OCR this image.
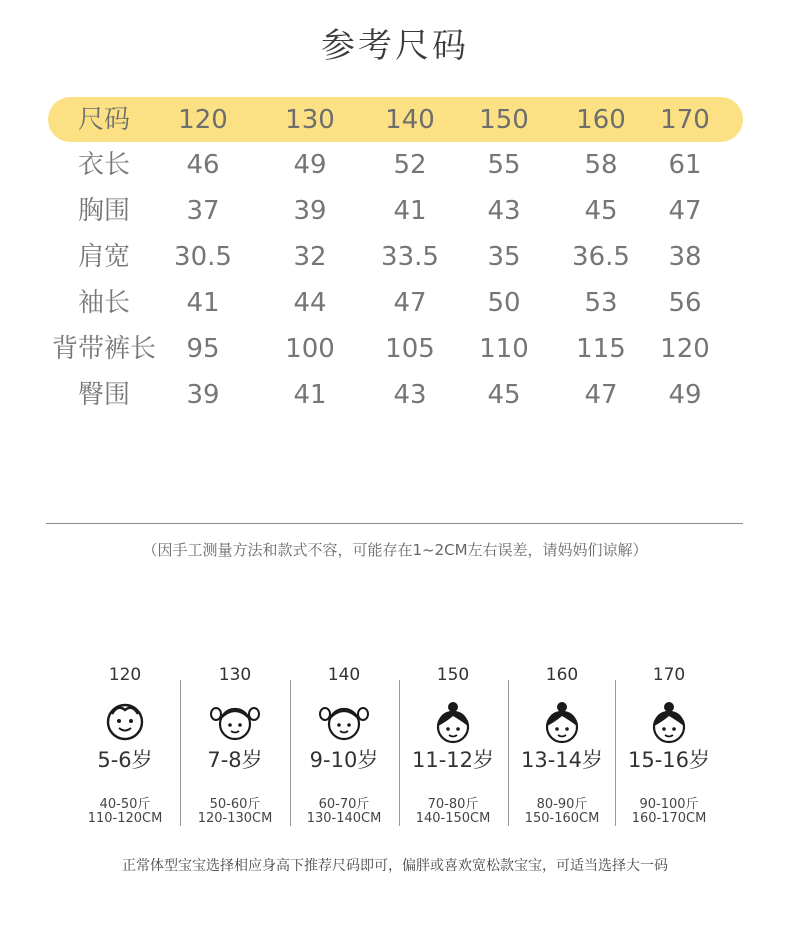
参考尺码
尺码	120	130	140	150	160	170
衣长	46	49	52	55	58	61
胸围	37	39	41	43	45	47
肩宽	30.5	32	33.5	35	36.5	38
袖长	41	44	47	50	53	56
背带裤长	95	100	105	110	115	120
臀围	39	41	43	45	47	49
（因手工测量方法和款式不容，可能存在1~2CM左右误差，请妈妈们谅解）
120
5-6岁
40-50斤
110-120CM
130
7-8岁
50-60斤
120-130CM
140
9-10岁
60-70斤
130-140CM
150
11-12岁
70-80斤
140-150CM
160
13-14岁
80-90斤
150-160CM
170
15-16岁
90-100斤
160-170CM
正常体型宝宝选择相应身高下推荐尺码即可，偏胖或喜欢宽松款宝宝，可适当选择大一码
